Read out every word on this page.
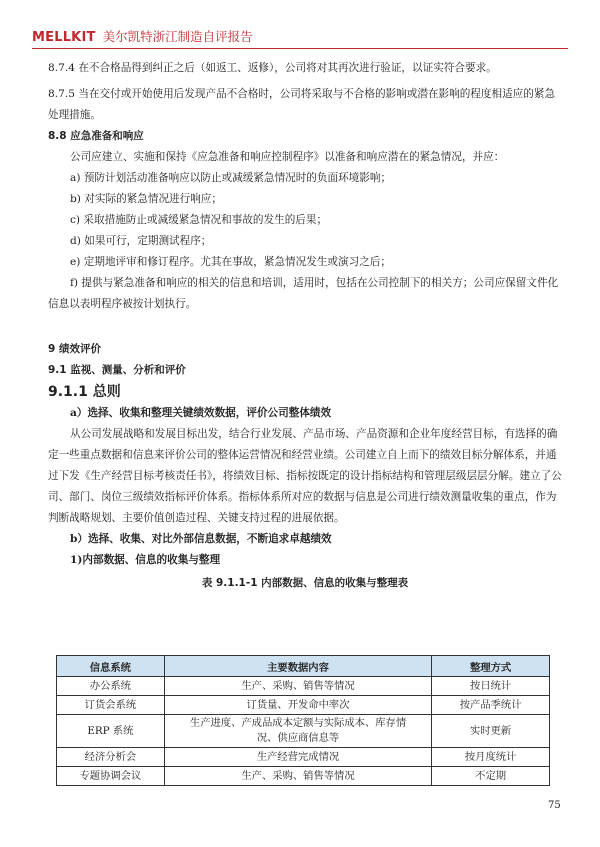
MELLKIT 美尔凯特浙江制造自评报告

8.7.4 在不合格品得到纠正之后（如返工、返修），公司将对其再次进行验证，以证实符合要求。

8.7.5 当在交付或开始使用后发现产品不合格时，公司将采取与不合格的影响或潜在影响的程度相适应的紧急处理措施。

8.8 应急准备和响应

公司应建立、实施和保持《应急准备和响应控制程序》以准备和响应潜在的紧急情况，并应：

a) 预防计划活动准备响应以防止或减缓紧急情况时的负面环境影响；

b) 对实际的紧急情况进行响应；

c) 采取措施防止或减缓紧急情况和事故的发生的后果；

d) 如果可行，定期测试程序；

e) 定期地评审和修订程序。尤其在事故，紧急情况发生或演习之后；

f) 提供与紧急准备和响应的相关的信息和培训，适用时，包括在公司控制下的相关方；公司应保留文件化信息以表明程序被按计划执行。

9 绩效评价
9.1 监视、测量、分析和评价
9.1.1 总则
a）选择、收集和整理关键绩效数据，评价公司整体绩效

从公司发展战略和发展目标出发，结合行业发展、产品市场、产品资源和企业年度经营目标，有选择的确定一些重点数据和信息来评价公司的整体运营情况和经营业绩。公司建立自上而下的绩效目标分解体系，并通过下发《生产经营目标考核责任书》，将绩效目标、指标按既定的设计指标结构和管理层级层层分解。建立了公司、部门、岗位三级绩效指标评价体系。指标体系所对应的数据与信息是公司进行绩效测量收集的重点，作为判断战略规划、主要价值创造过程、关键支持过程的进展依据。

b）选择、收集、对比外部信息数据，不断追求卓越绩效
1)内部数据、信息的收集与整理
表 9.1.1-1 内部数据、信息的收集与整理表
信息系统	主要数据内容	整理方式
办公系统	生产、采购、销售等情况	按日统计
订货会系统	订货量、开发命中率次	按产品季统计
ERP 系统	生产进度、产成品成本定额与实际成本、库存情况、供应商信息等	实时更新
经济分析会	生产经营完成情况	按月度统计
专题协调会议	生产、采购、销售等情况	不定期
75
